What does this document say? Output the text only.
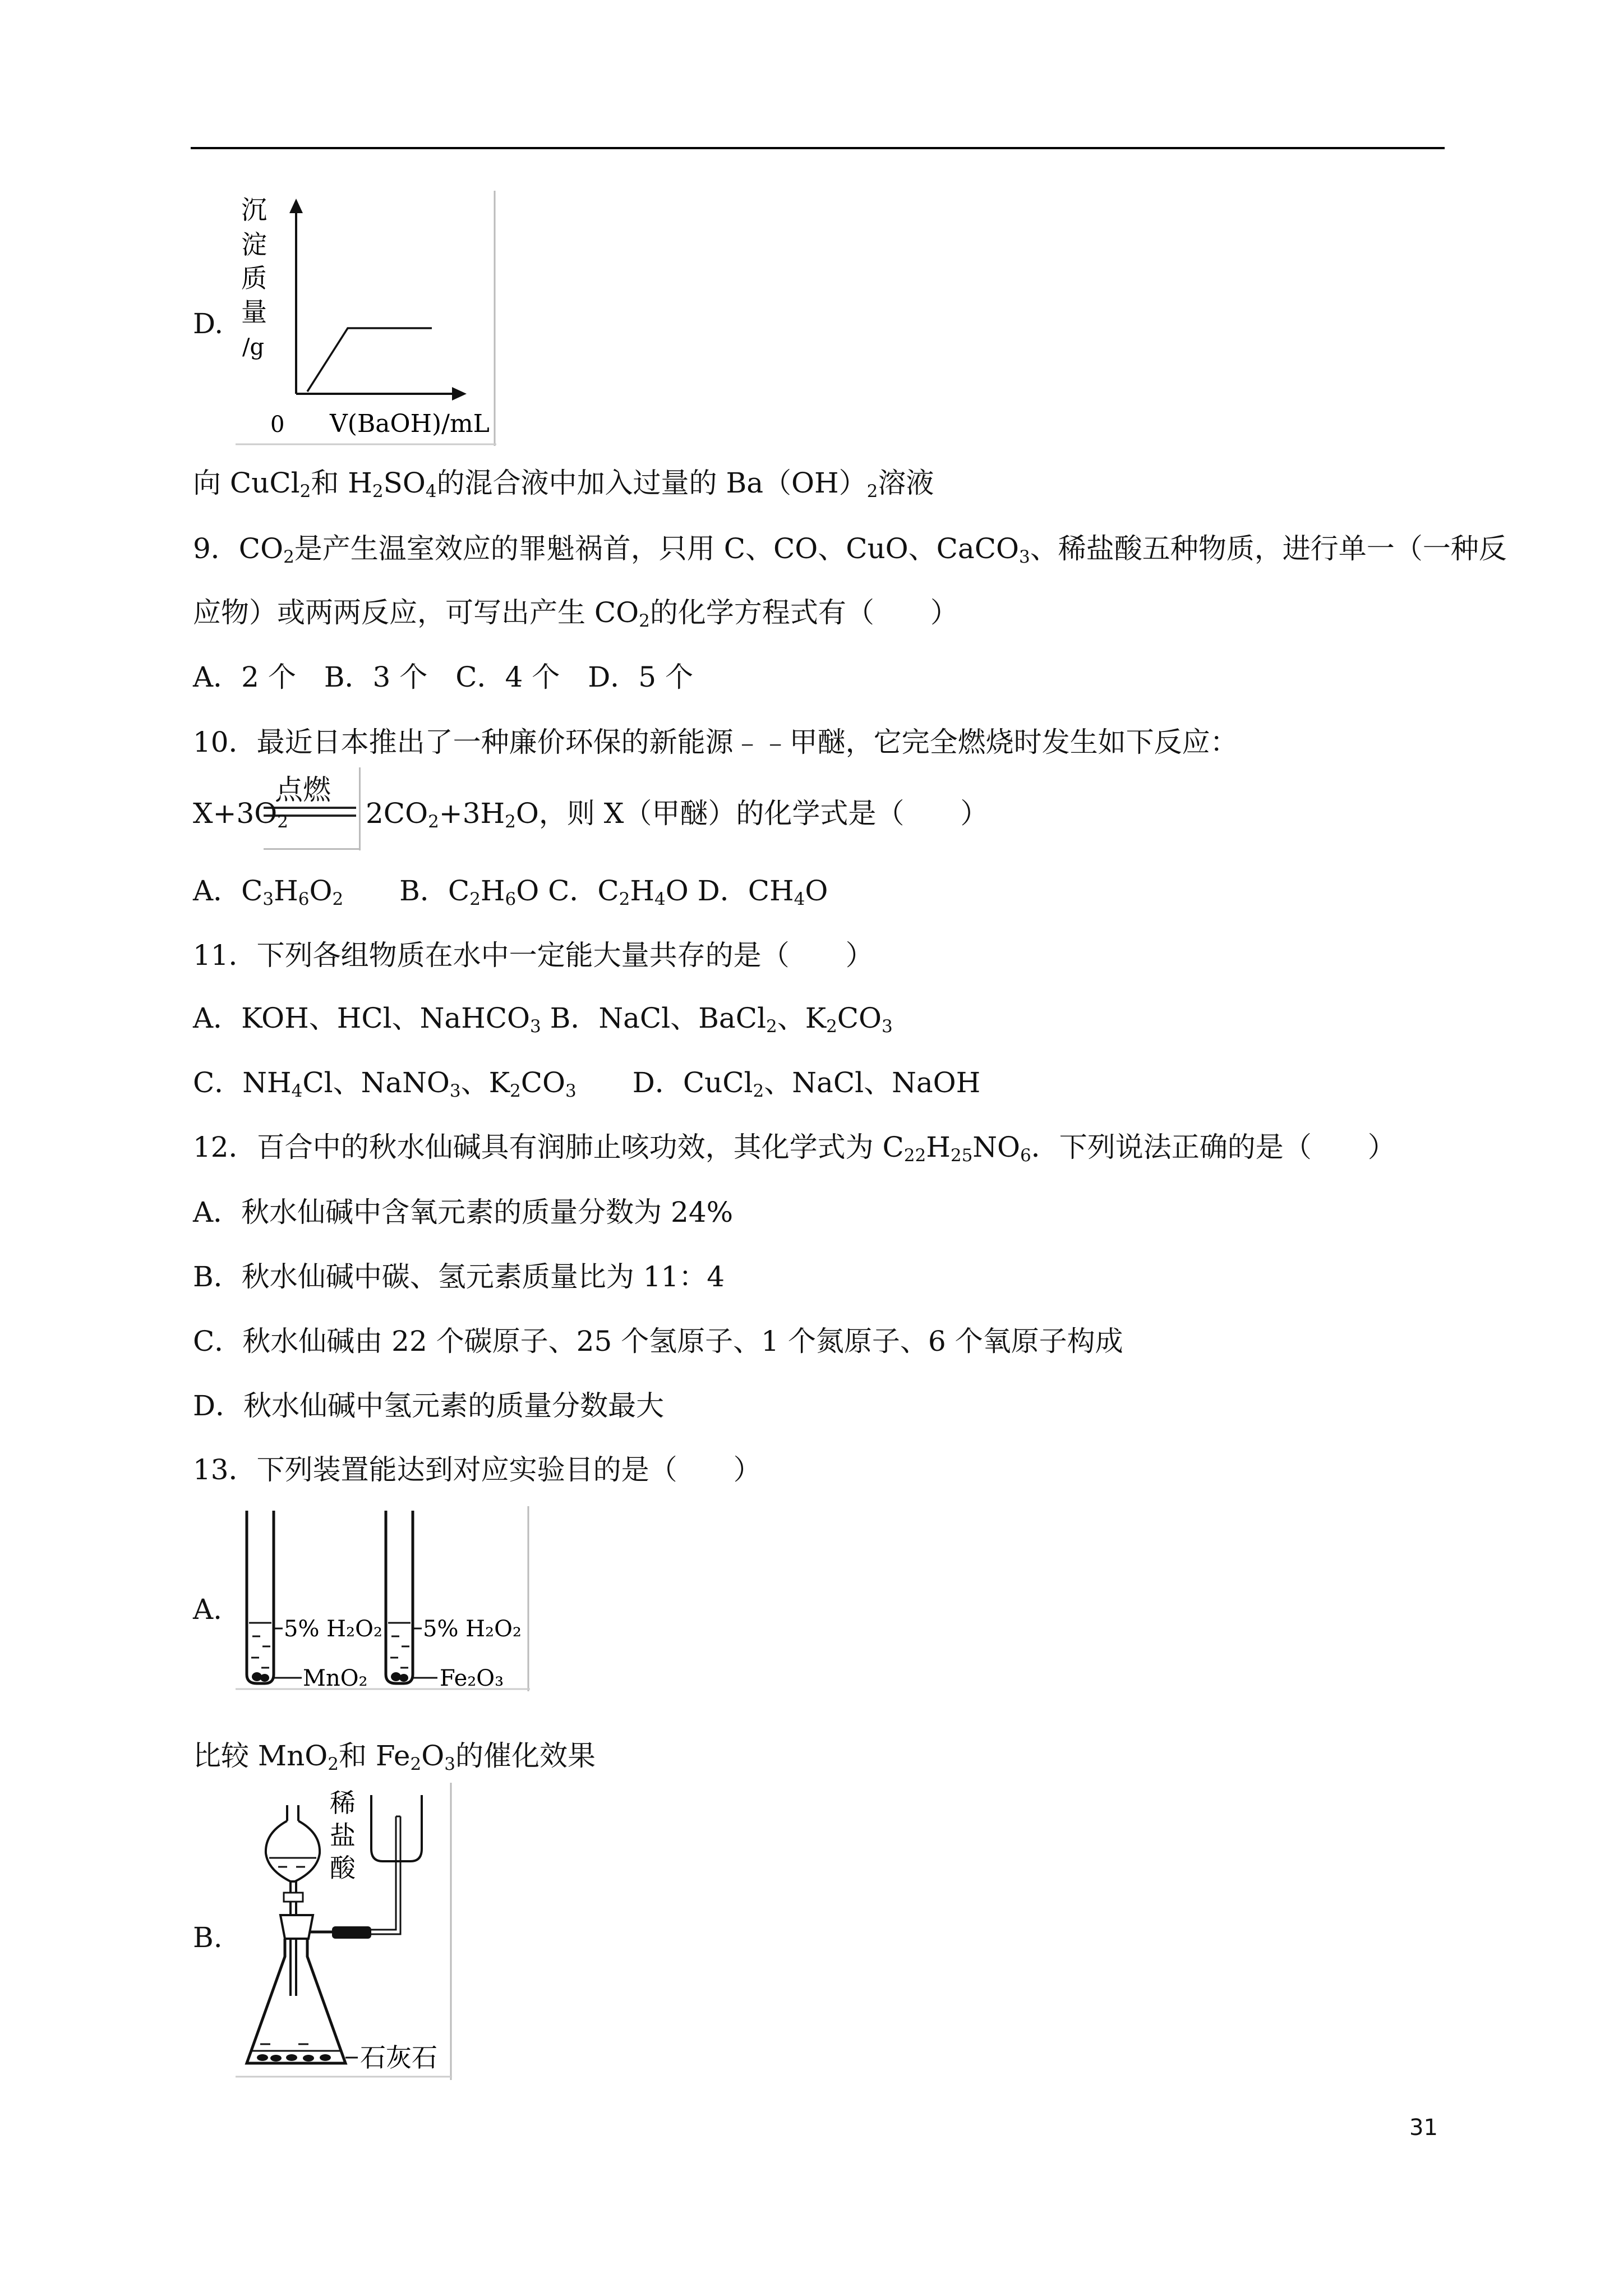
D.
沉
淀
质
量
/g
0 V(BaOH)/mL
向 CuCl$_2$和 $H_2SO_4$的混合液中加入过量的 $Ba(OH)_2$溶液
9．$CO_2$是产生温室效应的罪魁祸首，只用 C、CO、CuO、CaCO$_3$、稀盐酸五种物质，进行单一（一种反
应物）或两两反应，可写出产生 $CO_2$的化学方程式有（　　）
A．2 个　B．3 个　C．4 个　D．5 个
10．最近日本推出了一种廉价环保的新能源﹣﹣甲醚，它完全燃烧时发生如下反应：
点燃
$X+3O_2$	$2CO_2+3H_2O$，则 X（甲醚）的化学式是（　　）
A．$C_3H_6O_2$　　B．$C_2H_6O$ C．$C_2H_4O$ D．$CH_4O$
11．下列各组物质在水中一定能大量共存的是（　　）
A．KOH、HCl、NaHCO$_3$ B．NaCl、BaCl$_2$、$K_2CO_3$
C．$NH_4Cl$、NaNO$_3$、$K_2CO_3$　　D．CuCl$_2$、NaCl、NaOH
12．百合中的秋水仙碱具有润肺止咳功效，其化学式为 $C_{22}H_{25}NO_6$．下列说法正确的是（　　）
A．秋水仙碱中含氧元素的质量分数为 24%
B．秋水仙碱中碳、氢元素质量比为 11：4
C．秋水仙碱由 22 个碳原子、25 个氢原子、1 个氮原子、6 个氧原子构成
D．秋水仙碱中氢元素的质量分数最大
13．下列装置能达到对应实验目的是（　　）
A.
5% H₂O₂
MnO₂
5% H₂O₂
Fe₂O₃
比较 MnO$_2$和 $Fe_2O_3$的催化效果
B.
稀
盐
酸
石灰石
31
